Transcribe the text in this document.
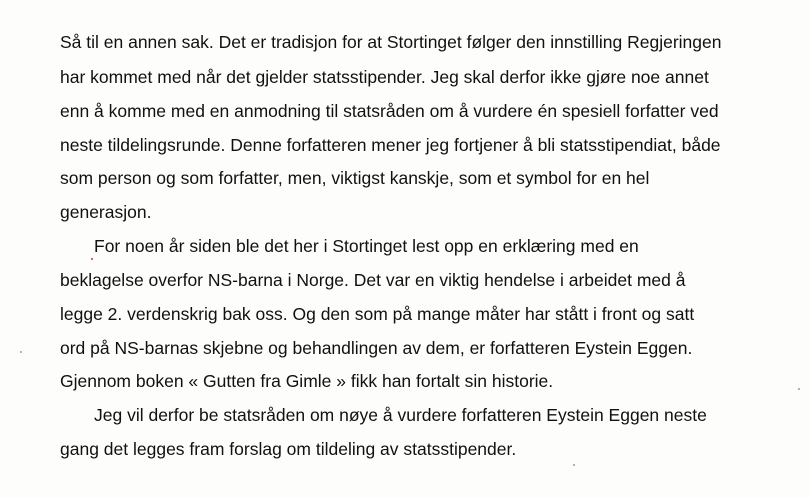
Så til en annen sak. Det er tradisjon for at Stortinget følger den innstilling Regjeringen
har kommet med når det gjelder statsstipender. Jeg skal derfor ikke gjøre noe annet
enn å komme med en anmodning til statsråden om å vurdere én spesiell forfatter ved
neste tildelingsrunde. Denne forfatteren mener jeg fortjener å bli statsstipendiat, både
som person og som forfatter, men, viktigst kanskje, som et symbol for en hel
generasjon.
For noen år siden ble det her i Stortinget lest opp en erklæring med en
beklagelse overfor NS-barna i Norge. Det var en viktig hendelse i arbeidet med å
legge 2. verdenskrig bak oss. Og den som på mange måter har stått i front og satt
ord på NS-barnas skjebne og behandlingen av dem, er forfatteren Eystein Eggen.
Gjennom boken « Gutten fra Gimle » fikk han fortalt sin historie.
Jeg vil derfor be statsråden om nøye å vurdere forfatteren Eystein Eggen neste
gang det legges fram forslag om tildeling av statsstipender.
